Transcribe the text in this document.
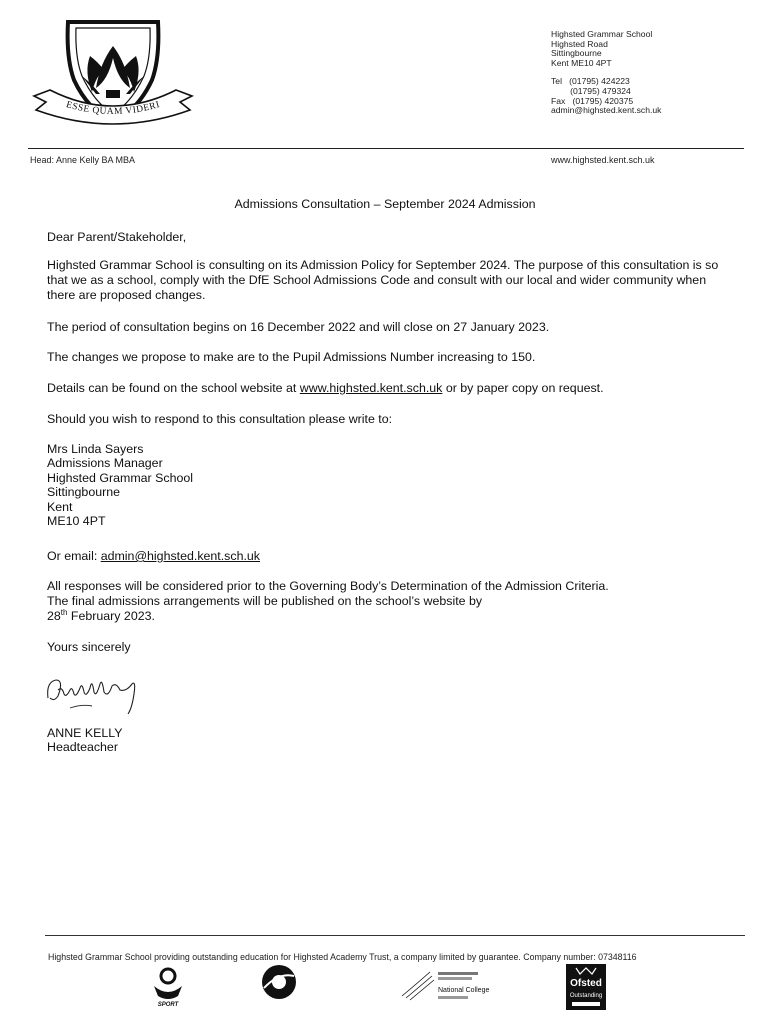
ESSE QUAM VIDERI
Highsted Grammar School
Highsted Road
Sittingbourne
Kent ME10 4PT
Tel   (01795) 424223
(01795) 479324
Fax   (01795) 420375
admin@highsted.kent.sch.uk
Head: Anne Kelly BA MBA	www.highsted.kent.sch.uk
Admissions Consultation – September 2024 Admission
Dear Parent/Stakeholder,
Highsted Grammar School is consulting on its Admission Policy for September 2024. The purpose of this consultation is so that we as a school, comply with the DfE School Admissions Code and consult with our local and wider community when there are proposed changes.
The period of consultation begins on 16 December 2022 and will close on 27 January 2023.
The changes we propose to make are to the Pupil Admissions Number increasing to 150.
Details can be found on the school website at www.highsted.kent.sch.uk or by paper copy on request.
Should you wish to respond to this consultation please write to:
Mrs Linda Sayers
Admissions Manager
Highsted Grammar School
Sittingbourne
Kent
ME10 4PT
Or email: admin@highsted.kent.sch.uk
All responses will be considered prior to the Governing Body’s Determination of the Admission Criteria.
The final admissions arrangements will be published on the school’s website by
28th February 2023.
Yours sincerely
ANNE KELLY
Headteacher
Highsted Grammar School providing outstanding education for Highsted Academy Trust, a company limited by guarantee. Company number: 07348116
SPORT
National College
Ofsted
Outstanding
